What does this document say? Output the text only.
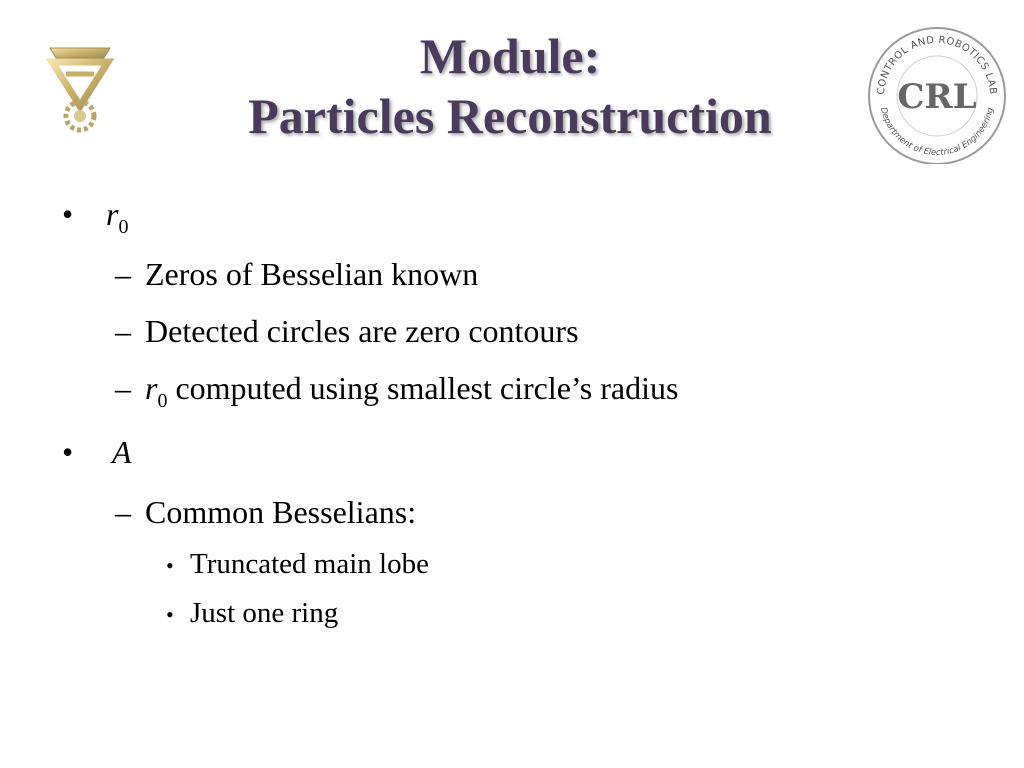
CONTROL AND ROBOTICS LAB
CRL
Department of Electrical Engineering
Module:
Particles Reconstruction
• $r_0$
– Zeros of Besselian known
– Detected circles are zero contours
– $r_0$ computed using smallest circle’s radius
• A
– Common Besselians:
• Truncated main lobe
• Just one ring
